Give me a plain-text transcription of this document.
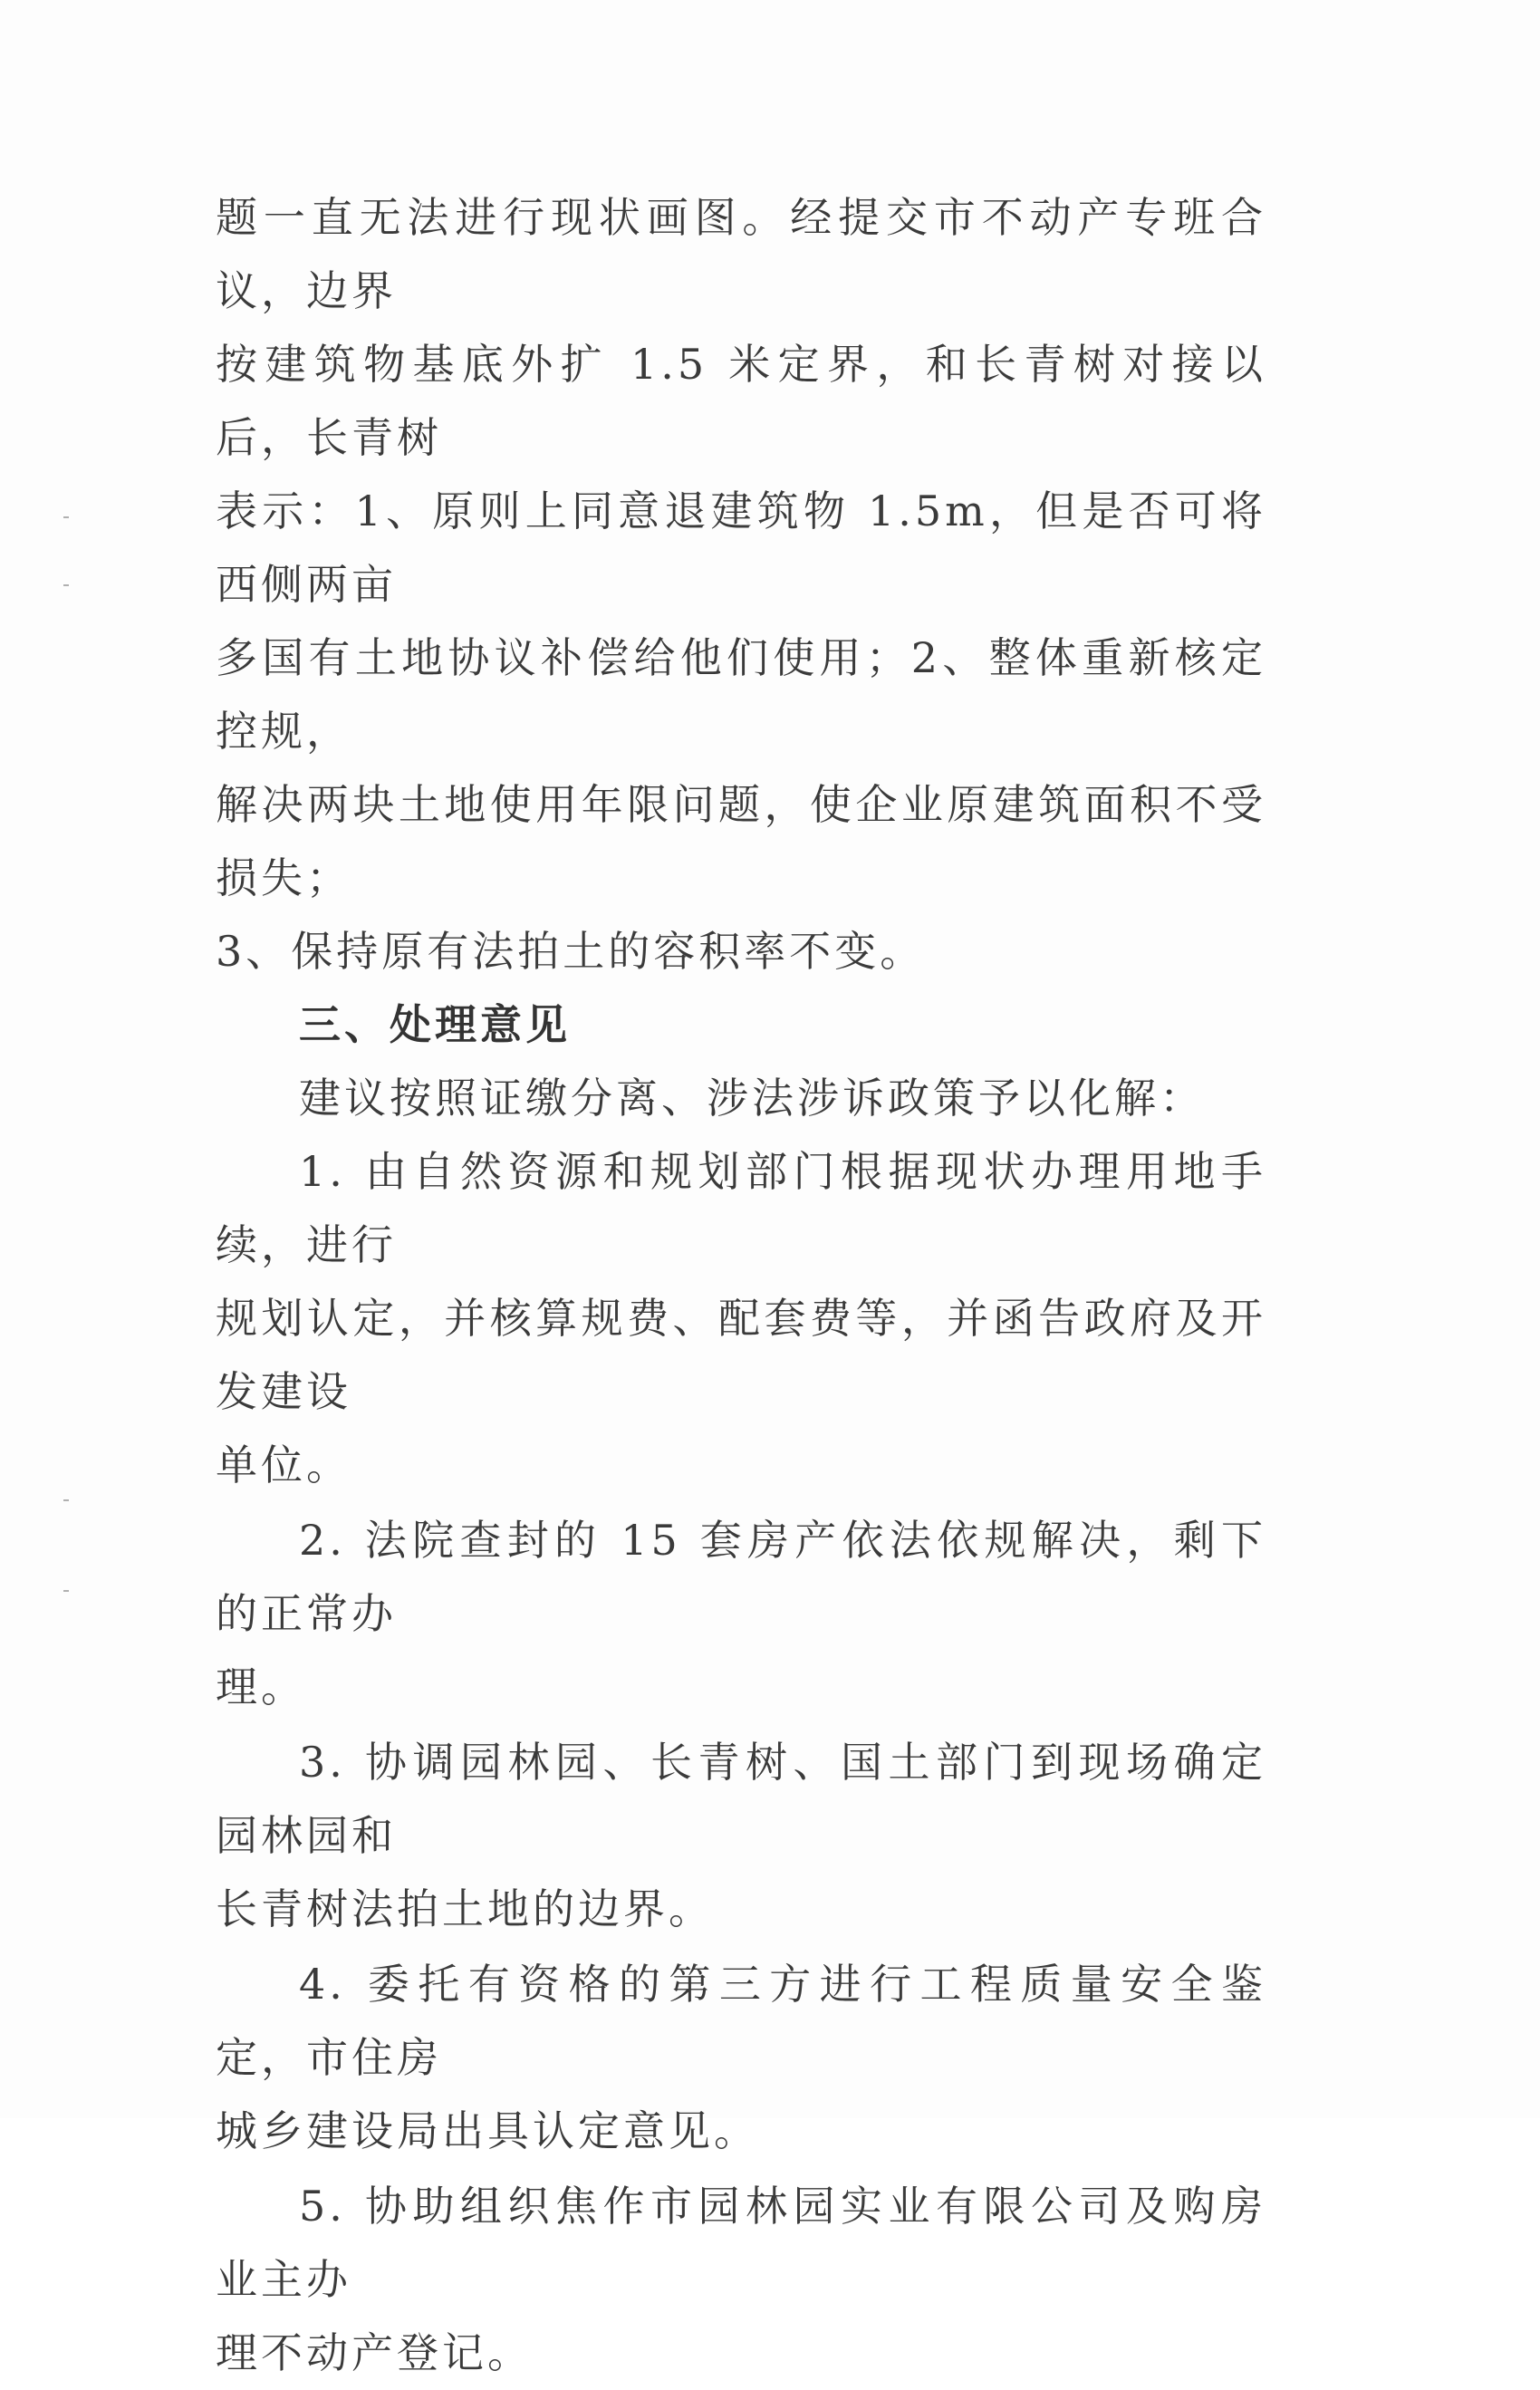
题一直无法进行现状画图。经提交市不动产专班合议，边界

按建筑物基底外扩 1.5 米定界，和长青树对接以后，长青树

表示：1、原则上同意退建筑物 1.5m，但是否可将西侧两亩

多国有土地协议补偿给他们使用；2、整体重新核定控规，

解决两块土地使用年限问题，使企业原建筑面积不受损失；

3、保持原有法拍土的容积率不变。

三、处理意见

建议按照证缴分离、涉法涉诉政策予以化解：

1. 由自然资源和规划部门根据现状办理用地手续，进行

规划认定，并核算规费、配套费等，并函告政府及开发建设

单位。

2. 法院查封的 15 套房产依法依规解决，剩下的正常办

理。

3. 协调园林园、长青树、国土部门到现场确定园林园和

长青树法拍土地的边界。

4. 委托有资格的第三方进行工程质量安全鉴定，市住房

城乡建设局出具认定意见。

5. 协助组织焦作市园林园实业有限公司及购房业主办

理不动产登记。
